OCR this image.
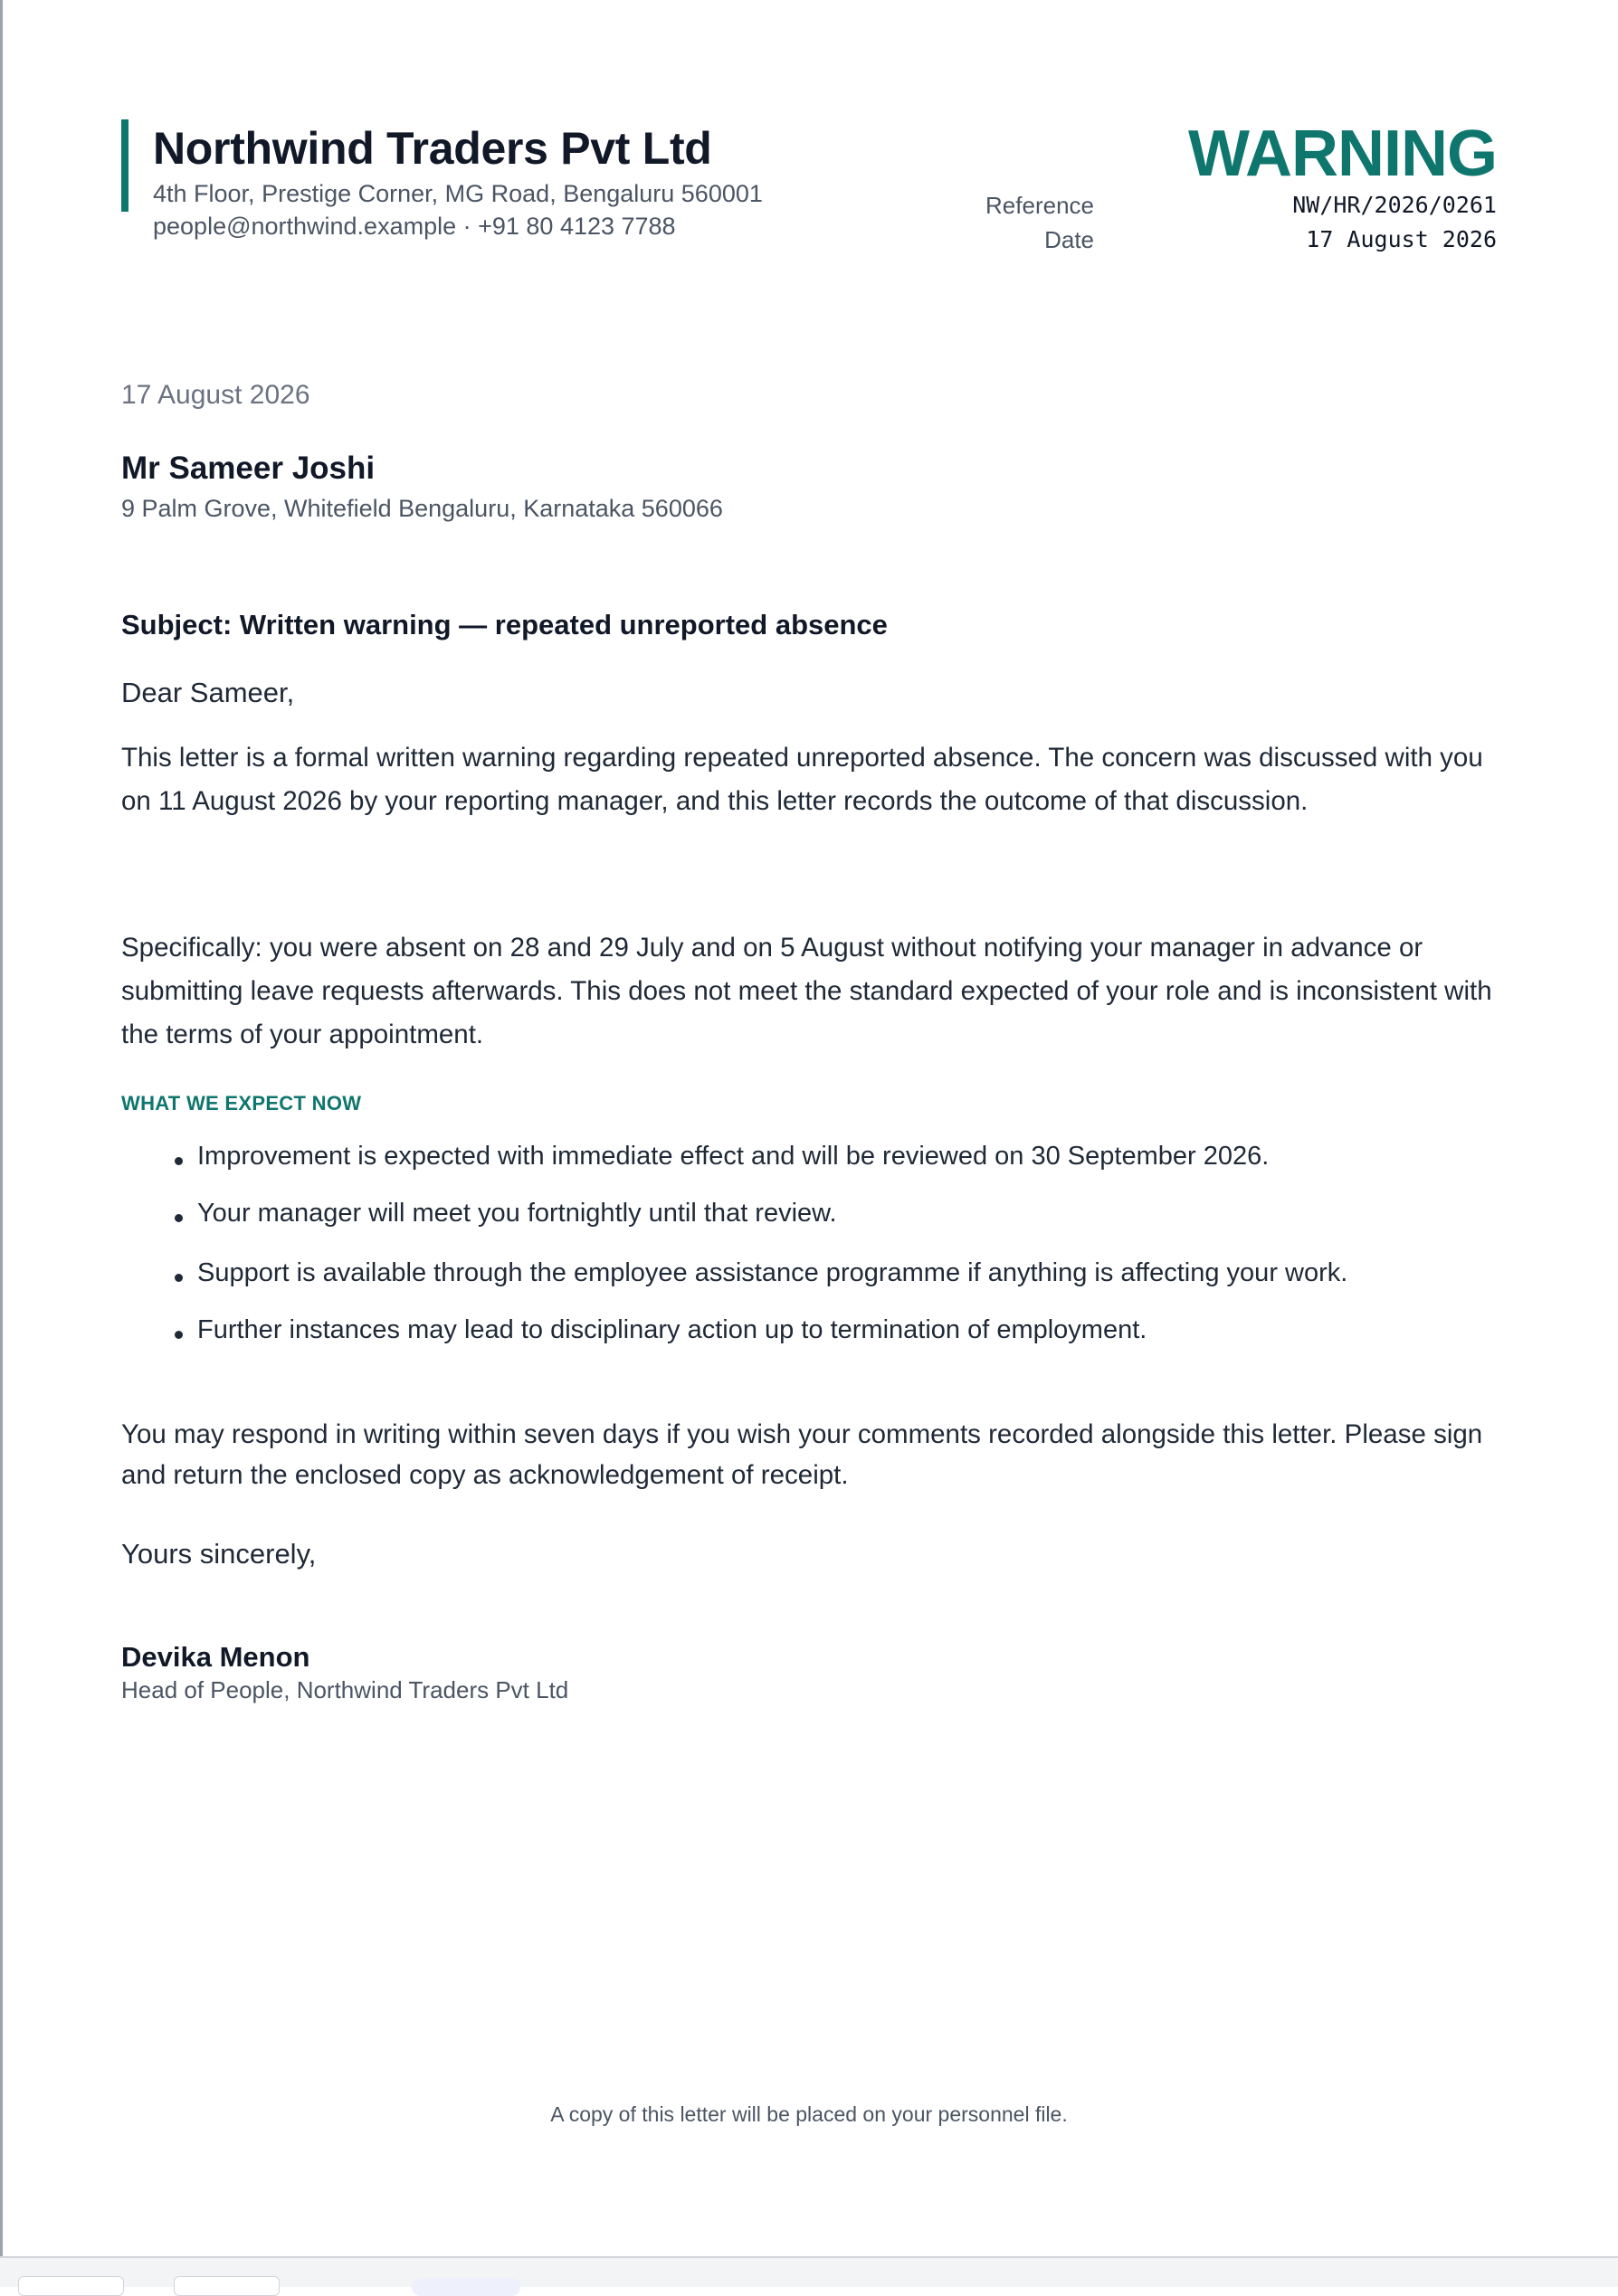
Northwind Traders Pvt Ltd
4th Floor, Prestige Corner, MG Road, Bengaluru 560001
people@northwind.example · +91 80 4123 7788
WARNING
Reference	NW/HR/2026/0261
Date	17 August 2026
17 August 2026
Mr Sameer Joshi
9 Palm Grove, Whitefield Bengaluru, Karnataka 560066
Subject: Written warning — repeated unreported absence
Dear Sameer,

This letter is a formal written warning regarding repeated unreported absence. The concern was discussed with you on 11 August 2026 by your reporting manager, and this letter records the outcome of that discussion.

Specifically: you were absent on 28 and 29 July and on 5 August without notifying your manager in advance or submitting leave requests afterwards. This does not meet the standard expected of your role and is inconsistent with the terms of your appointment.

WHAT WE EXPECT NOW
Improvement is expected with immediate effect and will be reviewed on 30 September 2026.
Your manager will meet you fortnightly until that review.
Support is available through the employee assistance programme if anything is affecting your work.
Further instances may lead to disciplinary action up to termination of employment.

You may respond in writing within seven days if you wish your comments recorded alongside this letter. Please sign and return the enclosed copy as acknowledgement of receipt.

Yours sincerely,
Devika Menon
Head of People, Northwind Traders Pvt Ltd
A copy of this letter will be placed on your personnel file.
